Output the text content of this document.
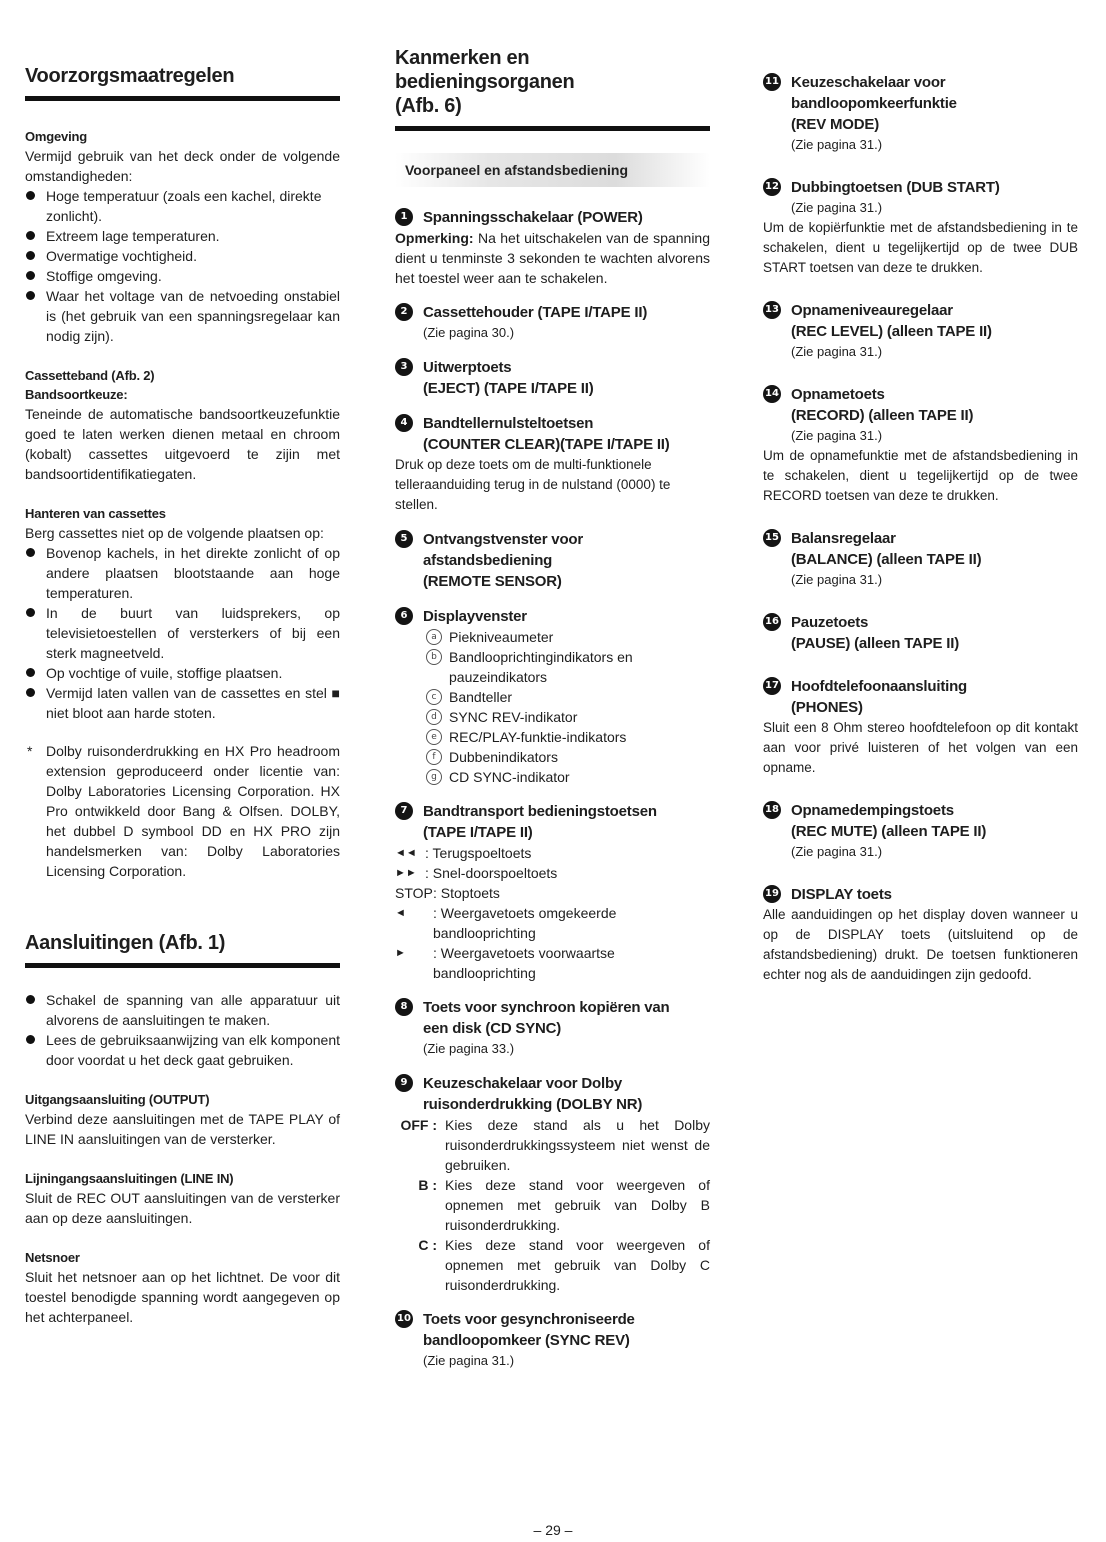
Voorzorgsmaatregelen
Omgeving
Vermijd gebruik van het deck onder de volgende omstandigheden:
Hoge temperatuur (zoals een kachel, direkte zonlicht).
Extreem lage temperaturen.
Overmatige vochtigheid.
Stoffige omgeving.
Waar het voltage van de netvoeding onstabiel is (het gebruik van een spanningsregelaar kan nodig zijn).
Cassetteband (Afb. 2)
Bandsoortkeuze:
Teneinde de automatische bandsoortkeuzefunktie goed te laten werken dienen metaal en chroom (kobalt) cassettes uitgevoerd te zijin met bandsoortidentifikatiegaten.
Hanteren van cassettes
Berg cassettes niet op de volgende plaatsen op:
Bovenop kachels, in het direkte zonlicht of op andere plaatsen blootstaande aan hoge temperaturen.
In de buurt van luidsprekers, op televisietoestellen of versterkers of bij een sterk magneetveld.
Op vochtige of vuile, stoffige plaatsen.
Vermijd laten vallen van de cassettes en stel ■ niet bloot aan harde stoten.
* Dolby ruisonderdrukking en HX Pro headroom extension geproduceerd onder licentie van: Dolby Laboratories Licensing Corporation. HX Pro ontwikkeld door Bang & Olfsen. DOLBY, het dubbel D symbool DD en HX PRO zijn handelsmerken van: Dolby Laboratories Licensing Corporation.
Aansluitingen (Afb. 1)
Schakel de spanning van alle apparatuur uit alvorens de aansluitingen te maken.
Lees de gebruiksaanwijzing van elk komponent door voordat u het deck gaat gebruiken.
Uitgangsaansluiting (OUTPUT)
Verbind deze aansluitingen met de TAPE PLAY of LINE IN aansluitingen van de versterker.
Lijningangsaansluitingen (LINE IN)
Sluit de REC OUT aansluitingen van de versterker aan op deze aansluitingen.
Netsnoer
Sluit het netsnoer aan op het lichtnet. De voor dit toestel benodigde spanning wordt aangegeven op het achterpaneel.
Kanmerken en bedieningsorganen
(Afb. 6)
Voorpaneel en afstandsbediening
1	Spanningsschakelaar (POWER)
Opmerking: Na het uitschakelen van de spanning dient u tenminste 3 sekonden te wachten alvorens het toestel weer aan te schakelen.
2	Cassettehouder (TAPE I/TAPE II)
(Zie pagina 30.)
3	Uitwerptoets
(EJECT) (TAPE I/TAPE II)
4	Bandtellernulsteltoetsen
(COUNTER CLEAR)(TAPE I/TAPE II)
Druk op deze toets om de multi-funktionele telleraanduiding terug in de nulstand (0000) te stellen.
5	Ontvangstvenster voor
afstandsbediening
(REMOTE SENSOR)
6	Displayvenster
a Piekniveaumeter
b Bandlooprichtingindikators en pauzeindikators
c Bandteller
d SYNC REV-indikator
e REC/PLAY-funktie-indikators
f Dubbenindikators
g CD SYNC-indikator
7	Bandtransport bedieningstoetsen
(TAPE I/TAPE II)
◄◄ : Terugspoeltoets
►► : Snel-doorspoeltoets
STOP : Stoptoets
◄	: Weergavetoets omgekeerde bandlooprichting
►	: Weergavetoets voorwaartse bandlooprichting
8	Toets voor synchroon kopiëren van
een disk (CD SYNC)
(Zie pagina 33.)
9	Keuzeschakelaar voor Dolby
ruisonderdrukking (DOLBY NR)
OFF : Kies deze stand als u het Dolby ruisonderdrukkingssysteem niet wenst de gebruiken.
B : Kies deze stand voor weergeven of opnemen met gebruik van Dolby B ruisonderdrukking.
C : Kies deze stand voor weergeven of opnemen met gebruik van Dolby C ruisonderdrukking.
10 Toets voor gesynchroniseerde
bandloopomkeer (SYNC REV)
(Zie pagina 31.)
11 Keuzeschakelaar voor
bandloopomkeerfunktie
(REV MODE)
(Zie pagina 31.)
12 Dubbingtoetsen (DUB START)
(Zie pagina 31.)
Um de kopiërfunktie met de afstandsbediening in te schakelen, dient u tegelijkertijd op de twee DUB START toetsen van deze te drukken.
13 Opnameniveauregelaar
(REC LEVEL) (alleen TAPE II)
(Zie pagina 31.)
14 Opnametoets
(RECORD) (alleen TAPE II)
(Zie pagina 31.)
Um de opnamefunktie met de afstandsbediening in te schakelen, dient u tegelijkertijd op de twee RECORD toetsen van deze te drukken.
15 Balansregelaar
(BALANCE) (alleen TAPE II)
(Zie pagina 31.)
16 Pauzetoets
(PAUSE) (alleen TAPE II)
17 Hoofdtelefoonaansluiting
(PHONES)
Sluit een 8 Ohm stereo hoofdtelefoon op dit kontakt aan voor privé luisteren of het volgen van een opname.
18 Opnamedempingstoets
(REC MUTE) (alleen TAPE II)
(Zie pagina 31.)
19 DISPLAY toets
Alle aanduidingen op het display doven wanneer u op de DISPLAY toets (uitsluitend op de afstandsbediening) drukt. De toetsen funktioneren echter nog als de aanduidingen zijn gedoofd.
– 29 –
